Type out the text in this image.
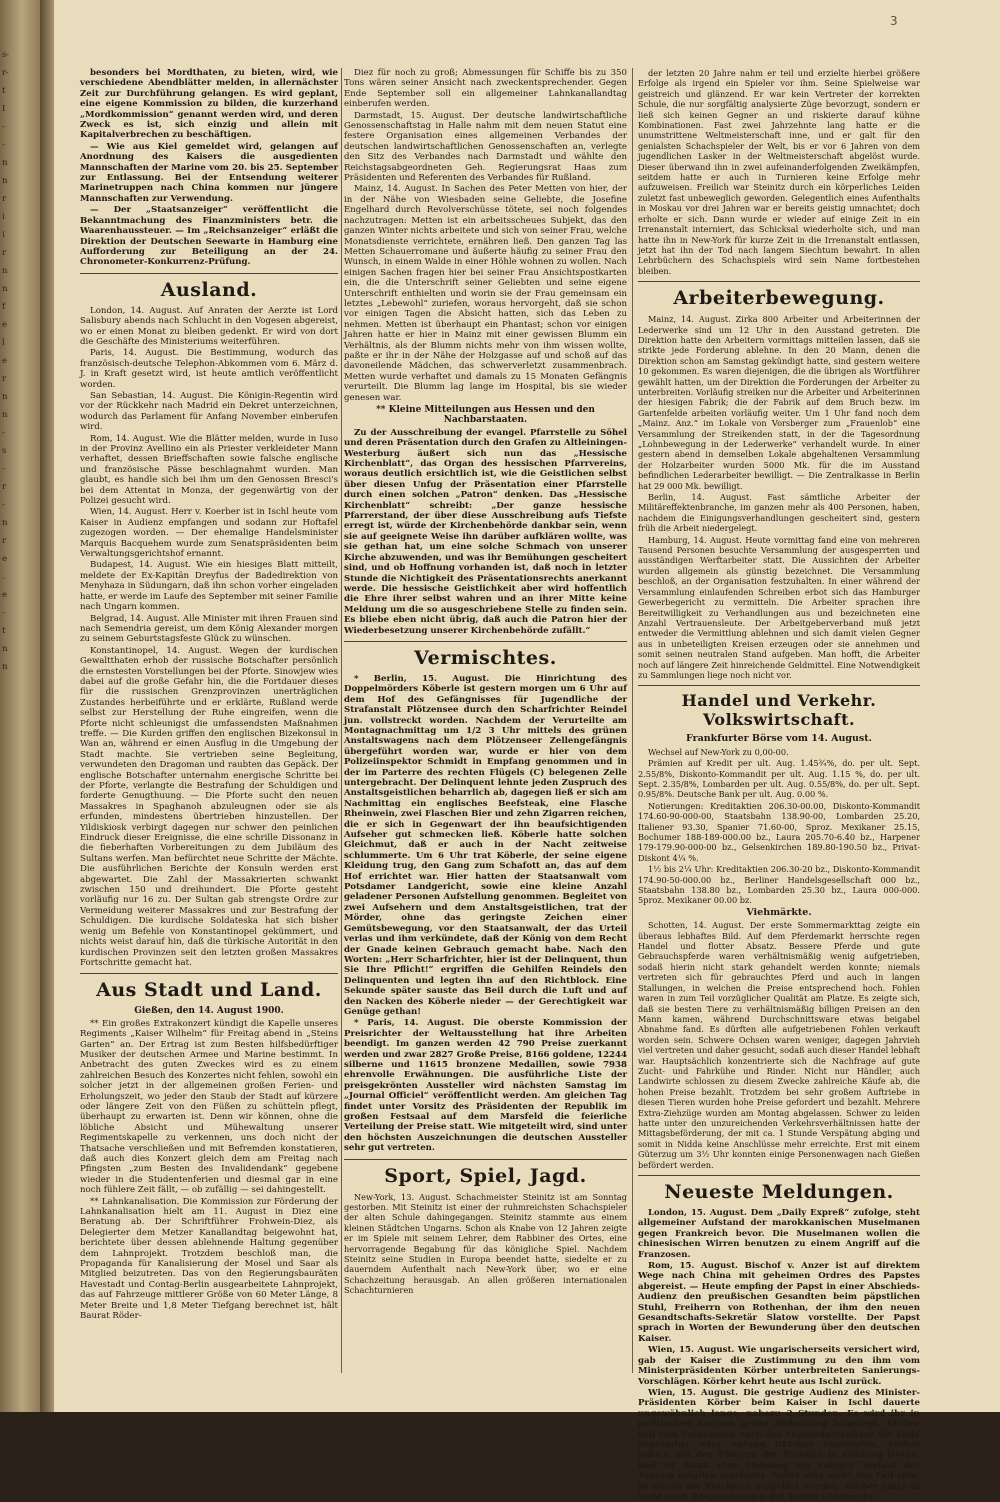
s-
r-
t
I
-
-
n
n
r
i
i
r
n
n
f
e
l
e
r
n
n
-
s
-
r
-
n
r
e
.
e
-
t
n
n
3

besonders bei Mordthaten, zu bieten, wird, wie verschiedene Abendblätter melden, in allernächster Zeit zur Durchführung gelangen. Es wird geplant, eine eigene Kommission zu bilden, die kurzerhand „Mordkommission“ genannt werden wird, und deren Zweck es ist, sich einzig und allein mit Kapitalverbrechen zu beschäftigen.

— Wie aus Kiel gemeldet wird, gelangen auf Anordnung des Kaisers die ausgedienten Mannschaften der Marine vom 20. bis 25. September zur Entlassung. Bei der Entsendung weiterer Marinetruppen nach China kommen nur jüngere Mannschaften zur Verwendung.

— Der „Staatsanzeiger“ veröffentlicht die Bekanntmachung des Finanzministers betr. die Waarenhaussteuer. — Im „Reichsanzeiger“ erläßt die Direktion der Deutschen Seewarte in Hamburg eine Aufforderung zur Beteiligung an der 24. Chronometer-Konkurrenz-Prüfung.

Ausland.

London, 14. August. Auf Anraten der Aerzte ist Lord Salisbury abends nach Schlucht in den Vogesen abgereist, wo er einen Monat zu bleiben gedenkt. Er wird von dort die Geschäfte des Ministeriums weiterführen.

Paris, 14. August. Die Bestimmung, wodurch das französisch-deutsche Telephon-Abkommen vom 6. März d. J. in Kraft gesetzt wird, ist heute amtlich veröffentlicht worden.

San Sebastian, 14. August. Die Königin-Regentin wird vor der Rückkehr nach Madrid ein Dekret unterzeichnen, wodurch das Parlament für Anfang November einberufen wird.

Rom, 14. August. Wie die Blätter melden, wurde in Iuso in der Provinz Avellino ein als Priester verkleideter Mann verhaftet, dessen Brieffschaften sowie falsche englische und französische Pässe beschlagnahmt wurden. Man glaubt, es handle sich bei ihm um den Genossen Bresci's bei dem Attentat in Monza, der gegenwärtig von der Polizei gesucht wird.

Wien, 14. August. Herr v. Koerber ist in Ischl heute vom Kaiser in Audienz empfangen und sodann zur Hoftafel zugezogen worden. — Der ehemalige Handelsminister Marquis Bacquehem wurde zum Senatspräsidenten beim Verwaltungsgerichtshof ernannt.

Budapest, 14. August. Wie ein hiesiges Blatt mitteilt, meldete der Ex-Kapitän Dreyfus der Badedirektion von Menyhaza in Südungarn, daß ihn schon vorher eingeladen hatte, er werde im Laufe des September mit seiner Familie nach Ungarn kommen.

Belgrad, 14. August. Alle Minister mit ihren Frauen sind nach Semendria gereist, um dem König Alexander morgen zu seinem Geburtstagsfeste Glück zu wünschen.

Konstantinopel, 14. August. Wegen der kurdischen Gewaltthaten erhob der russische Botschafter persönlich die ernstesten Vorstellungen bei der Pforte. Sinowjew wies dabei auf die große Gefahr hin, die die Fortdauer dieses für die russischen Grenzprovinzen unerträglichen Zustandes herbeiführte und er erklärte, Rußland werde selbst zur Herstellung der Ruhe eingreifen, wenn die Pforte nicht schleunigst die umfassendsten Maßnahmen treffe. — Die Kurden griffen den englischen Bizekonsul in Wan an, während er einen Ausflug in die Umgebung der Stadt machte. Sie vertrieben seine Begleitung, verwundeten den Dragoman und raubten das Gepäck. Der englische Botschafter unternahm energische Schritte bei der Pforte, verlangte die Bestrafung der Schuldigen und forderte Genugthuung. — Die Pforte sucht den neuen Massakres in Spaghanoh abzuleugnen oder sie als erfunden, mindestens übertrieben hinzustellen. Der Yildiskiosk verbirgt dagegen nur schwer den peinlichen Eindruck dieser Ereignisse, die eine schrille Dissonanz in die fieberhaften Vorbereitungen zu dem Jubiläum des Sultans werfen. Man befürchtet neue Schritte der Mächte. Die ausführlichen Berichte der Konsuln werden erst abgewartet. Die Zahl der Massakrierten schwankt zwischen 150 und dreihundert. Die Pforte gesteht vorläufig nur 16 zu. Der Sultan gab strengste Ordre zur Vermeidung weiterer Massakres und zur Bestrafung der Schuldigen. Die kurdische Soldateska hat sich bisher wenig um Befehle von Konstantinopel gekümmert, und nichts weist darauf hin, daß die türkische Autorität in den kurdischen Provinzen seit den letzten großen Massakres Fortschritte gemacht hat.

Aus Stadt und Land.
Gießen, den 14. August 1900.

** Ein großes Extrakonzert kündigt die Kapelle unseres Regiments „Kaiser Wilhelm“ für Freitag abend in „Steins Garten“ an. Der Ertrag ist zum Besten hilfsbedürftiger Musiker der deutschen Armee und Marine bestimmt. In Anbetracht des guten Zweckes wird es zu einem zahlreichen Besuch des Konzertes nicht fehlen, sowohl ein solcher jetzt in der allgemeinen großen Ferien- und Erholungszeit, wo jeder den Staub der Stadt auf kürzere oder längere Zeit von den Füßen zu schütteln pflegt, überhaupt zu erwarten ist. Denn wir können, ohne die löbliche Absicht und Mühewaltung unserer Regimentskapelle zu verkennen, uns doch nicht der Thatsache verschließen und mit Befremden konstatieren, daß auch dies Konzert gleich dem am Freitag nach Pfingsten „zum Besten des Invalidendank“ gegebene wieder in die Studentenferien und diesmal gar in eine noch fühlere Zeit fällt, — ob zufällig — sei dahingestellt.

** Lahnkanalisation. Die Kommission zur Förderung der Lahnkanalisation hielt am 11. August in Diez eine Beratung ab. Der Schriftführer Frohwein-Diez, als Delegierter dem Metzer Kanallandtag beigewohnt hat, berichtete über dessen ablehnende Haltung gegenüber dem Lahnprojekt. Trotzdem beschloß man, die Propaganda für Kanalisierung der Mosel und Saar als Mitglied beizutreten. Das von den Regierungsbauräten Havestadt und Contag-Berlin ausgearbeitete Lahnprojekt, das auf Fahrzeuge mittlerer Größe von 60 Meter Länge, 8 Meter Breite und 1,8 Meter Tiefgang berechnet ist, hält Baurat Röder-

Diez für noch zu groß; Abmessungen für Schiffe bis zu 350 Tons wären seiner Ansicht nach zweckentsprechender. Gegen Ende September soll ein allgemeiner Lahnkanallandtag einberufen werden.

Darmstadt, 15. August. Der deutsche landwirtschaftliche Genossenschaftstag in Halle nahm mit dem neuen Statut eine festere Organisation eines allgemeinen Verbandes der deutschen landwirtschaftlichen Genossenschaften an, verlegte den Sitz des Verbandes nach Darmstadt und wählte den Reichstagsabgeordneten Geh. Regierungsrat Haas zum Präsidenten und Referenten des Verbandes für Rußland.

Mainz, 14. August. In Sachen des Peter Metten von hier, der in der Nähe von Wiesbaden seine Geliebte, die Josefine Engelhard durch Revolverschüsse tötete, sei noch folgendes nachzutragen: Metten ist ein arbeitsscheues Subjekt, das den ganzen Winter nichts arbeitete und sich von seiner Frau, welche Monatsdienste verrichtete, ernähren ließ. Den ganzen Tag las Metten Schauerromane und äußerte häufig zu seiner Frau den Wunsch, in einem Walde in einer Höhle wohnen zu wollen. Nach einigen Sachen fragen hier bei seiner Frau Ansichtspostkarten ein, die die Unterschrift seiner Geliebten und seine eigene Unterschrift enthielten und worin sie der Frau gemeinsam ein letztes „Lebewohl“ zuriefen, woraus hervorgeht, daß sie schon vor einigen Tagen die Absicht hatten, sich das Leben zu nehmen. Metten ist überhaupt ein Phantast; schon vor einigen Jahren hatte er hier in Mainz mit einer gewissen Blumm ein Verhältnis, als der Blumm nichts mehr von ihm wissen wollte, paßte er ihr in der Nähe der Holzgasse auf und schoß auf das davoneilende Mädchen, das schwerverletzt zusammenbrach. Metten wurde verhaftet und damals zu 15 Monaten Gefängnis verurteilt. Die Blumm lag lange im Hospital, bis sie wieder genesen war.

** Kleine Mitteilungen aus Hessen und den Nachbarstaaten.

Zu der Ausschreibung der evangel. Pfarrstelle zu Söhel und deren Präsentation durch den Grafen zu Altleiningen-Westerburg äußert sich nun das „Hessische Kirchenblatt“, das Organ des hessischen Pfarrvereins, woraus deutlich ersichtlich ist, wie die Geistlichen selbst über diesen Unfug der Präsentation einer Pfarrstelle durch einen solchen „Patron“ denken. Das „Hessische Kirchenblatt“ schreibt: „Der ganze hessische Pfarrerstand, der über diese Ausschreibung aufs Tiefste erregt ist, würde der Kirchenbehörde dankbar sein, wenn sie auf geeignete Weise ihn darüber aufklären wollte, was sie gethan hat, um eine solche Schmach von unserer Kirche abzuwenden, und was ihr Bemühungen gescheitert sind, und ob Hoffnung vorhanden ist, daß noch in letzter Stunde die Nichtigkeit des Präsentationsrechts anerkannt werde. Die hessische Geistlichkeit aber wird hoffentlich die Ehre ihrer selbst wahren und an ihrer Mitte keine Meldung um die so ausgeschriebene Stelle zu finden sein. Es bliebe eben nicht übrig, daß auch die Patron hier der Wiederbesetzung unserer Kirchenbehörde zufällt.“

Vermischtes.

* Berlin, 15. August. Die Hinrichtung des Doppelmörders Köberle ist gestern morgen um 6 Uhr auf dem Hof des Gefängnisses für Jugendliche der Strafanstalt Plötzensee durch den Scharfrichter Reindel jun. vollstreckt worden. Nachdem der Verurteilte am Montagnachmittag um 1/2 3 Uhr mittels des grünen Anstaltswagens nach dem Plötzenseer Zellengefängnis übergeführt worden war, wurde er hier von dem Polizeiinspektor Schmidt in Empfang genommen und in der im Parterre des rechten Flügels (C) belegenen Zelle untergebracht. Der Delinquent lehnte jeden Zuspruch des Anstaltsgeistlichen beharrlich ab, dagegen ließ er sich am Nachmittag ein englisches Beefsteak, eine Flasche Rheinwein, zwei Flaschen Bier und zehn Zigarren reichen, die er sich in Gegenwart der ihn beaufsichtigenden Aufseher gut schmecken ließ. Köberle hatte solchen Gleichmut, daß er auch in der Nacht zeitweise schlummerte. Um 6 Uhr trat Köberle, der seine eigene Kleidung trug, den Gang zum Schafott an, das auf dem Hof errichtet war. Hier hatten der Staatsanwalt vom Potsdamer Landgericht, sowie eine kleine Anzahl geladener Personen Aufstellung genommen. Begleitet von zwei Aufsehern und dem Anstaltsgeistlichen, trat der Mörder, ohne das geringste Zeichen einer Gemütsbewegung, vor den Staatsanwalt, der das Urteil verlas und ihm verkündete, daß der König von dem Recht der Gnade keinen Gebrauch gemacht habe. Nach den Worten: „Herr Scharfrichter, hier ist der Delinquent, thun Sie Ihre Pflicht!“ ergriffen die Gehilfen Reindels den Delinquenten und legten ihn auf den Richtblock. Eine Sekunde später sauste das Beil durch die Luft und auf den Nacken des Köberle nieder — der Gerechtigkeit war Genüge gethan!

* Paris, 14. August. Die oberste Kommission der Preisrichter der Weltausstellung hat ihre Arbeiten beendigt. Im ganzen werden 42 790 Preise zuerkannt werden und zwar 2827 Große Preise, 8166 goldene, 12244 silberne und 11615 bronzene Medaillen, sowie 7938 ehrenvolle Erwähnungen. Die ausführliche Liste der preisgekrönten Aussteller wird nächsten Samstag im „Journal Officiel“ veröffentlicht werden. Am gleichen Tag findet unter Vorsitz des Präsidenten der Republik im großen Festsaal auf dem Marsfeld die feierliche Verteilung der Preise statt. Wie mitgeteilt wird, sind unter den höchsten Auszeichnungen die deutschen Aussteller sehr gut vertreten.

Sport, Spiel, Jagd.

New-York, 13. August. Schachmeister Steinitz ist am Sonntag gestorben. Mit Steinitz ist einer der ruhmreichsten Schachspieler der alten Schule dahingegangen. Steinitz stammte aus einem kleinen Städtchen Ungarns. Schon als Knabe von 12 Jahren zeigte er im Spiele mit seinem Lehrer, dem Rabbiner des Ortes, eine hervorragende Begabung für das königliche Spiel. Nachdem Steinitz seine Studien in Europa beendet hatte, siedelte er zu dauerndem Aufenthalt nach New-York über, wo er eine Schachzeitung herausgab. An allen größeren internationalen Schachturnieren

der letzten 20 Jahre nahm er teil und erzielte hierbei größere Erfolge als irgend ein Spieler vor ihm. Seine Spielweise war geistreich und glänzend. Er war kein Vertreter der korrekten Schule, die nur sorgfältig analysierte Züge bevorzugt, sondern er ließ sich keinen Gegner an und riskierte darauf kühne Kombinationen. Fast zwei Jahrzehnte lang hatte er die unumstrittene Weltmeisterschaft inne, und er galt für den genialsten Schachspieler der Welt, bis er vor 6 Jahren von dem jugendlichen Lasker in der Weltmeisterschaft abgelöst wurde. Dieser überwand ihn in zwei aufeinanderfolgenden Zweikämpfen, seitdem hatte er auch in Turnieren keine Erfolge mehr aufzuweisen. Freilich war Steinitz durch ein körperliches Leiden zuletzt fast unbeweglich geworden. Gelegentlich eines Aufenthalts in Moskau vor drei Jahren war er bereits geistig umnachtet; doch erholte er sich. Dann wurde er wieder auf einige Zeit in ein Irrenanstalt interniert, das Schicksal wiederholte sich, und man hatte ihn in New-York für kurze Zeit in die Irrenanstalt entlassen, jetzt hat ihn der Tod nach langem Siechtum bewahrt. In allen Lehrbüchern des Schachspiels wird sein Name fortbestehen bleiben.

Arbeiterbewegung.

Mainz, 14. August. Zirka 800 Arbeiter und Arbeiterinnen der Lederwerke sind um 12 Uhr in den Ausstand getreten. Die Direktion hatte den Arbeitern vormittags mitteilen lassen, daß sie strikte jede Forderung ablehne. In den 20 Mann, denen die Direktion schon am Samstag gekündigt hatte, sind gestern weitere 10 gekommen. Es waren diejenigen, die die übrigen als Wortführer gewählt hatten, um der Direktion die Forderungen der Arbeiter zu unterbreiten. Vorläufig streiken nur die Arbeiter und Arbeiterinnen der hiesigen Fabrik; die der Fabrik auf dem Bruch bezw. im Gartenfelde arbeiten vorläufig weiter. Um 1 Uhr fand noch dem „Mainz. Anz.“ im Lokale von Vorsberger zum „Frauenlob“ eine Versammlung der Streikenden statt, in der die Tagesordnung „Lohnbewegung in der Lederwerke“ verhandelt wurde. In einer gestern abend in demselben Lokale abgehaltenen Versammlung der Holzarbeiter wurden 5000 Mk. für die im Ausstand befindlichen Lederarbeiter bewilligt. — Die Zentralkasse in Berlin hat 29 000 Mk. bewilligt.

Berlin, 14. August. Fast sämtliche Arbeiter der Militäreffektenbranche, im ganzen mehr als 400 Personen, haben, nachdem die Einigungsverhandlungen gescheitert sind, gestern früh die Arbeit niedergelegt.

Hamburg, 14. August. Heute vormittag fand eine von mehreren Tausend Personen besuchte Versammlung der ausgesperrten und ausständigen Werftarbeiter statt. Die Aussichten der Arbeiter wurden allgemein als günstig bezeichnet. Die Versammlung beschloß, an der Organisation festzuhalten. In einer während der Versammlung einlaufenden Schreiben erbot sich das Hamburger Gewerbegericht zu vermitteln. Die Arbeiter sprachen ihre Bereitwilligkeit zu Verhandlungen aus und bezeichneten eine Anzahl Vertrauensleute. Der Arbeitgeberverband muß jetzt entweder die Vermittlung ablehnen und sich damit vielen Gegner aus in unbeteiligten Kreisen erzeugen oder sie annehmen und somit seinen neutralen Stand aufgeben. Man hofft, die Arbeiter noch auf längere Zeit hinreichende Geldmittel. Eine Notwendigkeit zu Sammlungen liege noch nicht vor.

Handel und Verkehr. Volkswirtschaft.
Frankfurter Börse vom 14. August.

Wechsel auf New-York zu 0,00-00.

Prämien auf Kredit per ult. Aug. 1.45¾%, do. per ult. Sept. 2.55/8%, Diskonto-Kommandit per ult. Aug. 1.15 %, do. per ult. Sept. 2.35/8%, Lombarden per ult. Aug. 0.55/8%, do. per ult. Sept. 0.95/8%. Deutsche Bank per ult. Aug. 0.00 %.

Notierungen: Kreditaktien 206.30-00.00, Diskonto-Kommandit 174.60-90-000-00, Staatsbahn 138.90-00, Lombarden 25.20, Italiener 93.30, Spanier 71.60-00, Sproz. Mexikaner 25.15, Bochumer 188-189-000.00 bz., Laura 205.70-6.40 bz., Harpener 179-179.90-000-00 bz., Gelsenkirchen 189.80-190.50 bz., Privat-Diskont 4¼ %.

1½ bis 2¼ Uhr: Kreditaktien 206.30-20 bz., Diskonto-Kommandit 174.90-50-000.00 bz., Berliner Handelsgesellschaft 000 bz., Staatsbahn 138.80 bz., Lombarden 25.30 bz., Laura 000-000. 5proz. Mexikaner 00.00 bz.

Viehmärkte.

Schotten, 14. August. Der erste Sommermarkttag zeigte ein überaus lebhaftes Bild. Auf dem Pferdemarkt herrschte regen Handel und flotter Absatz. Bessere Pferde und gute Gebrauchspferde waren verhältnismäßig wenig aufgetrieben, sodaß hierin nicht stark gehandelt werden konnte; niemals vertreten sich für gebrauchtes Pferd und auch in langen Stallungen, in welchen die Preise entsprechend hoch. Fohlen waren in zum Teil vorzüglicher Qualität am Platze. Es zeigte sich, daß sie besten Tiere zu verhältnismäßig billigen Preisen an den Mann kamen, während Durchschnittsware etwas beigabel Abnahme fand. Es dürften alle aufgetriebenen Fohlen verkauft worden sein. Schwere Ochsen waren weniger, dagegen Jahrvieh viel vertreten und daher gesucht, sodaß auch dieser Handel lebhaft war. Hauptsächlich konzentrierte sich die Nachfrage auf gute Zucht- und Fahrkühe und Rinder. Nicht nur Händler, auch Landwirte schlossen zu diesem Zwecke zahlreiche Käufe ab, die hohen Preise bezahlt. Trotzdem bei sehr großem Auftriebe in diesen Tieren wurden hohe Preise gefordert und bezahlt. Mehrere Extra-Ziehzüge wurden am Montag abgelassen. Schwer zu leiden hatte unter den unzureichenden Verkehrsverhältnissen hatte der Mittagsbeförderung, der mit ca. 1 Stunde Verspätung abging und somit in Nidda keine Anschlüsse mehr erreichte. Erst mit einem Güterzug um 3½ Uhr konnten einige Personenwagen nach Gießen befördert werden.

Neueste Meldungen.

London, 15. August. Dem „Daily Expreß“ zufolge, steht allgemeiner Aufstand der marokkanischen Muselmanen gegen Frankreich bevor. Die Muselmanen wollen die chinesischen Wirren benutzen zu einem Angriff auf die Franzosen.

Rom, 15. August. Bischof v. Anzer ist auf direktem Wege nach China mit geheimen Ordres des Papstes abgereist. — Heute empfing der Papst in einer Abschieds-Audienz den preußischen Gesandten beim päpstlichen Stuhl, Freiherrn von Rothenhan, der ihm den neuen Gesandtschafts-Sekretär Slatow vorstellte. Der Papst sprach in Worten der Bewunderung über den deutschen Kaiser.

Wien, 15. August. Wie ungarischerseits versichert wird, gab der Kaiser die Zustimmung zu den ihm vom Ministerpräsidenten Körber unterbreiteten Sanierungs-Vorschlägen. Körber kehrt heute aus Ischl zurück.

Wien, 15. August. Die gestrige Audienz des Minister-Präsidenten Körber beim Kaiser in Ischl dauerte ungewöhnlich lange, nahezu 2 Stunden. Es wird ihr in politischen Kreisen große Bedeutung beigelegt. Körber will vom Vernehmen nach das Abgeordnetenhaus für Ende September oder Anfang Oktober einberufen, vorher jedoch mit den Führern der Parteien in Fühlung treten, weil er damit eine Meinung ein ruhiger Verlauf der Tagung möglich erscheint. Sollte dies nicht der Fall sein, so würde der Reichsrat aufgelöst werden. Körber hatte in Ischl auch Besprechungen mit Baron Chlumecky.
